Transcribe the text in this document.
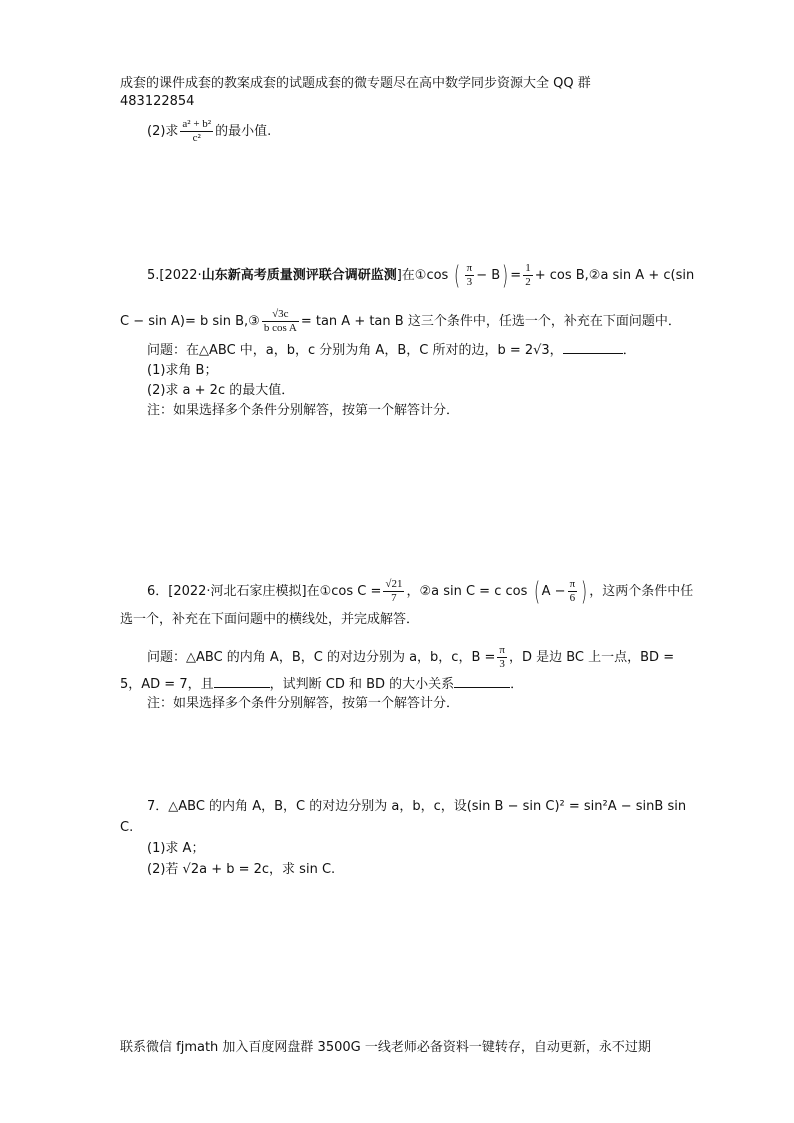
成套的课件成套的教案成套的试题成套的微专题尽在高中数学同步资源大全 QQ 群
483122854
(2)求 $\frac{\text{a² + b²}}{\text{c²}}$ 的最小值.
5.[2022·山东新高考质量测评联合调研监测]在①cos ( $\frac{\pi}{3} - B) = \frac{1}{2} + \cos$ B,②a sin A + c(sin
C − sin A)= b sin B,③ $\frac{√3c}{\text{b cos A}} = \tan A + \tan B$ 这三个条件中，任选一个，补充在下面问题中．
问题：在△ABC 中，a，b，c 分别为角 A，B，C 所对的边，b = 2√3，	．
(1)求角 B；
(2)求 a + 2c 的最大值．
注：如果选择多个条件分别解答，按第一个解答计分．
6．[2022·河北石家庄模拟]在①cos $C = \frac{√21}{7}$ ，②a sin C = c cos ( $A - \frac{\pi}{6}$ ) ，这两个条件中任
选一个，补充在下面问题中的横线处，并完成解答．
问题：△ABC 的内角 A，B，C 的对边分别为 a，b，c，$B = \frac{\pi}{3}$ ，D 是边 BC 上一点，BD =
5，AD = 7，且	，试判断 CD 和 BD 的大小关系	．
注：如果选择多个条件分别解答，按第一个解答计分．
7．△ABC 的内角 A，B，C 的对边分别为 a，b，c，设(sin B − sin C)² = sin²A − sinB sin
C.
(1)求 A；
(2)若 √2a + b = 2c，求 sin C.
联系微信 fjmath 加入百度网盘群 3500G 一线老师必备资料一键转存，自动更新，永不过期
